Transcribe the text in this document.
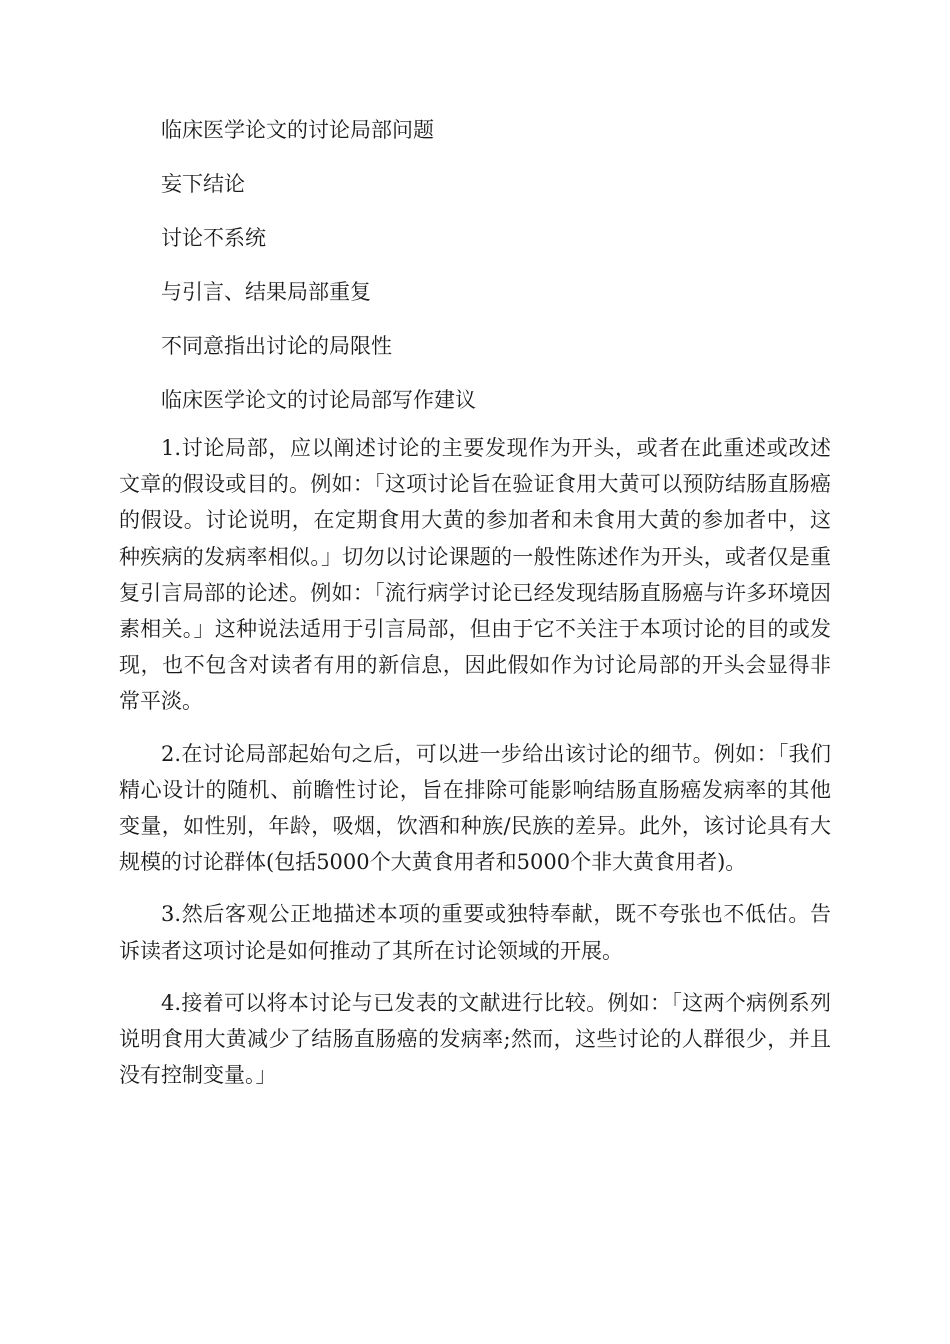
临床医学论文的讨论局部问题
妄下结论
讨论不系统
与引言、结果局部重复
不同意指出讨论的局限性
临床医学论文的讨论局部写作建议

1.讨论局部，应以阐述讨论的主要发现作为开头，或者在此重述或改述文章的假设或目的。例如：「这项讨论旨在验证食用大黄可以预防结肠直肠癌的假设。讨论说明，在定期食用大黄的参加者和未食用大黄的参加者中，这种疾病的发病率相似。」切勿以讨论课题的一般性陈述作为开头，或者仅是重复引言局部的论述。例如：「流行病学讨论已经发现结肠直肠癌与许多环境因素相关。」这种说法适用于引言局部，但由于它不关注于本项讨论的目的或发现，也不包含对读者有用的新信息，因此假如作为讨论局部的开头会显得非常平淡。

2.在讨论局部起始句之后，可以进一步给出该讨论的细节。例如：「我们精心设计的随机、前瞻性讨论，旨在排除可能影响结肠直肠癌发病率的其他变量，如性别，年龄，吸烟，饮酒和种族/民族的差异。此外，该讨论具有大规模的讨论群体(包括5000个大黄食用者和5000个非大黄食用者)。

3.然后客观公正地描述本项的重要或独特奉献，既不夸张也不低估。告诉读者这项讨论是如何推动了其所在讨论领域的开展。

4.接着可以将本讨论与已发表的文献进行比较。例如：「这两个病例系列说明食用大黄减少了结肠直肠癌的发病率;然而，这些讨论的人群很少，并且没有控制变量。」
